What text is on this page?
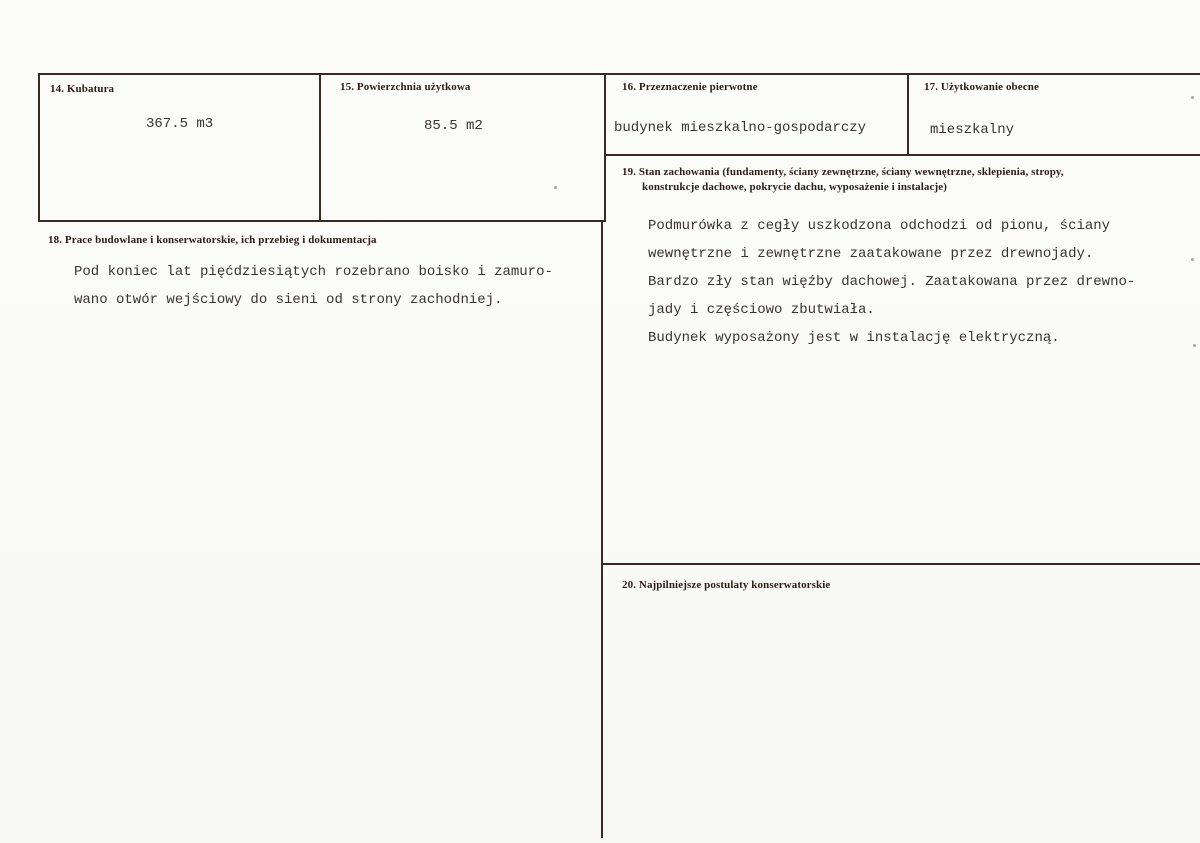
14. Kubatura
367.5 m3
15. Powierzchnia użytkowa
85.5 m2
16. Przeznaczenie pierwotne
budynek mieszkalno-gospodarczy
17. Użytkowanie obecne
mieszkalny
18. Prace budowlane i konserwatorskie, ich przebieg i dokumentacja
Pod koniec lat pięćdziesiątych rozebrano boisko i zamuro-
wano otwór wejściowy do sieni od strony zachodniej.
19. Stan zachowania (fundamenty, ściany zewnętrzne, ściany wewnętrzne, sklepienia, stropy,
konstrukcje dachowe, pokrycie dachu, wyposażenie i instalacje)
Podmurówka z cegły uszkodzona odchodzi od pionu, ściany
wewnętrzne i zewnętrzne zaatakowane przez drewnojady.
Bardzo zły stan więźby dachowej. Zaatakowana przez drewno-
jady i częściowo zbutwiała.
Budynek wyposażony jest w instalację elektryczną.
20. Najpilniejsze postulaty konserwatorskie
